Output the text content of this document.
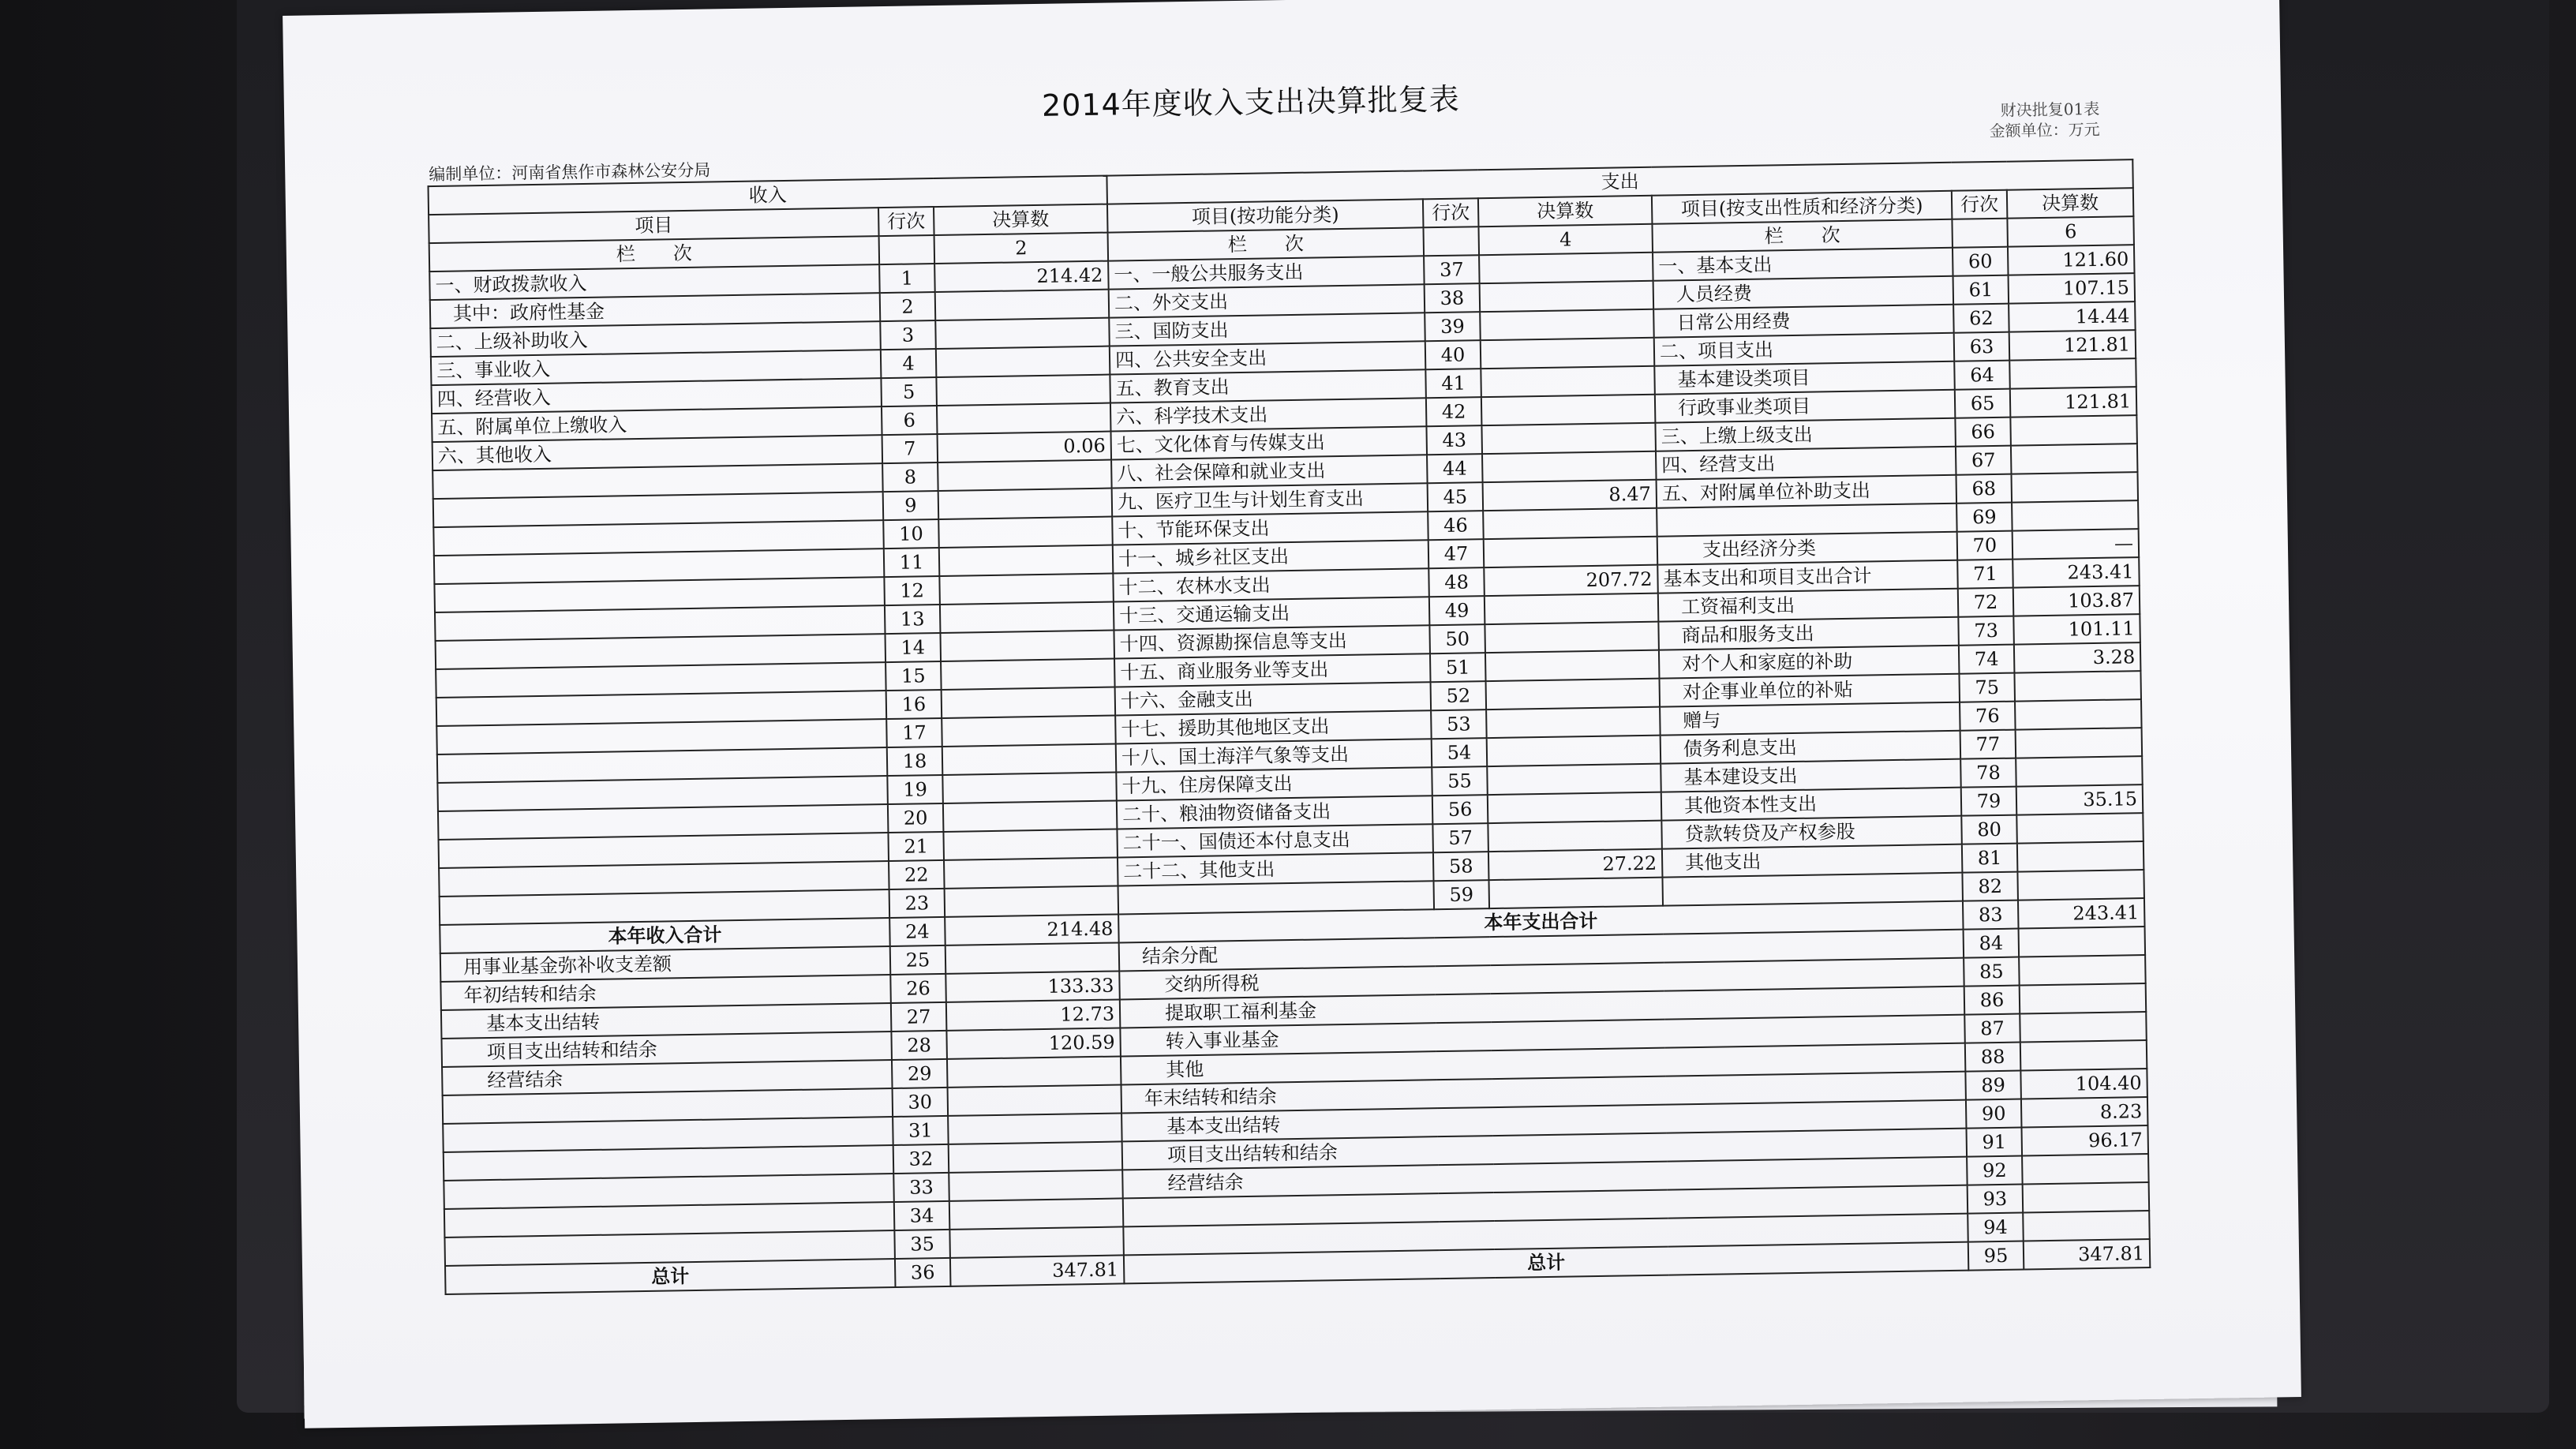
2014年度收入支出决算批复表
编制单位：河南省焦作市森林公安分局
财决批复01表
金额单位：万元
收入			支出					
项目	行次	决算数	项目(按功能分类)	行次	决算数	项目(按支出性质和经济分类)	行次	决算数
栏　　次		2	栏　　次		4	栏　　次		6
一、财政拨款收入	1	214.42	一、一般公共服务支出	37		一、基本支出	60	121.60
其中：政府性基金	2		二、外交支出	38		人员经费	61	107.15
二、上级补助收入	3		三、国防支出	39		日常公用经费	62	14.44
三、事业收入	4		四、公共安全支出	40		二、项目支出	63	121.81
四、经营收入	5		五、教育支出	41		基本建设类项目	64	
五、附属单位上缴收入	6		六、科学技术支出	42		行政事业类项目	65	121.81
六、其他收入	7	0.06	七、文化体育与传媒支出	43		三、上缴上级支出	66	
	8		八、社会保障和就业支出	44		四、经营支出	67	
	9		九、医疗卫生与计划生育支出	45	8.47	五、对附属单位补助支出	68	
	10		十、节能环保支出	46			69	
	11		十一、城乡社区支出	47		支出经济分类	70	—
	12		十二、农林水支出	48	207.72	基本支出和项目支出合计	71	243.41
	13		十三、交通运输支出	49		工资福利支出	72	103.87
	14		十四、资源勘探信息等支出	50		商品和服务支出	73	101.11
	15		十五、商业服务业等支出	51		对个人和家庭的补助	74	3.28
	16		十六、金融支出	52		对企事业单位的补贴	75	
	17		十七、援助其他地区支出	53		赠与	76	
	18		十八、国土海洋气象等支出	54		债务利息支出	77	
	19		十九、住房保障支出	55		基本建设支出	78	
	20		二十、粮油物资储备支出	56		其他资本性支出	79	35.15
	21		二十一、国债还本付息支出	57		贷款转贷及产权参股	80	
	22		二十二、其他支出	58	27.22	其他支出	81	
	23			59			82	
本年收入合计	24	214.48	本年支出合计				83	243.41
用事业基金弥补收支差额	25		结余分配				84	
年初结转和结余	26	133.33	交纳所得税				85	
基本支出结转	27	12.73	提取职工福利基金				86	
项目支出结转和结余	28	120.59	转入事业基金				87	
经营结余	29		其他				88	
	30		年末结转和结余				89	104.40
	31		基本支出结转				90	8.23
	32		项目支出结转和结余				91	96.17
	33		经营结余				92	
	34						93	
	35						94	
总计	36	347.81	总计				95	347.81
